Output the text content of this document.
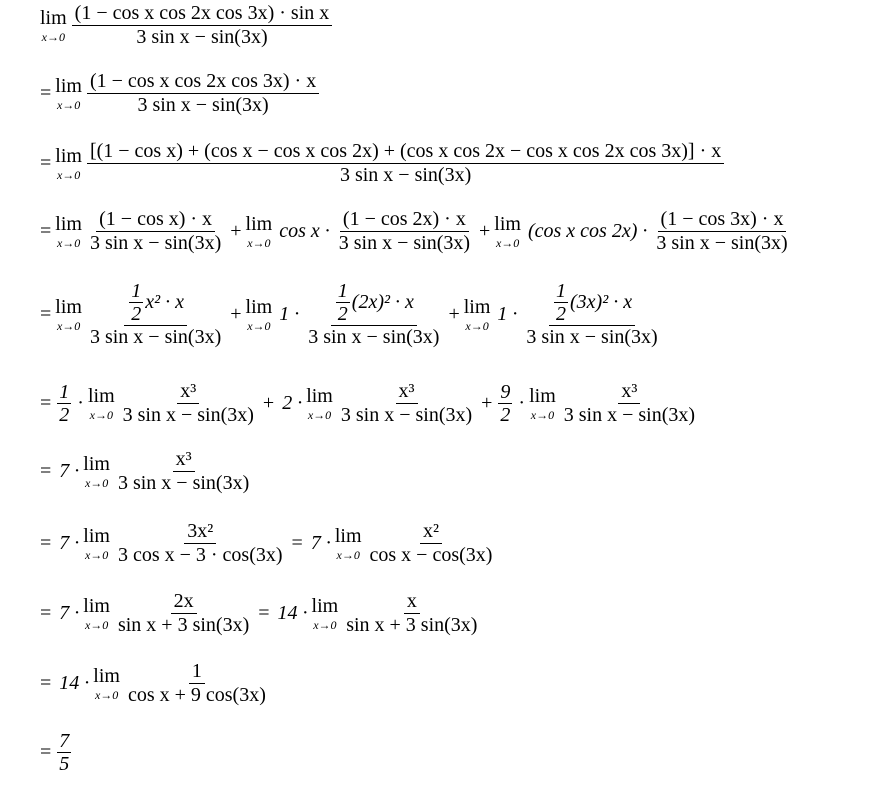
lim
$x\to 0 \frac{\text{(1 − cos x cos 2x cos 3x) · sin x}}{\text{3 sin x − sin(3x)}}$
= lim
$x\to 0 \frac{\text{(1 − cos x cos 2x cos 3x) · x}}{\text{3 sin x − sin(3x)}}$
= lim
x→0
[(1 − cos x) + (cos x − cos x cos 2x) + (cos x cos 2x − cos x cos 2x cos 3x)] · x
3 sin x − sin(3x)
= lim
$x\to 0 \frac{\text{(1 − cos x) · x}}{\text{3 sin x − sin(3x)}} + \lim$
x→0
$\cos x \cdot \frac{(1 - \cos 2x) \cdot x}{\text{3 sin x − sin(3x)}} + \lim$
x→0
(cos x $\cos 2x) \cdot \frac{(1 - \cos 3x) \cdot x}{\text{3 sin x − sin(3x)}}$
= lim
$x\to 0 \frac{\frac{1}{2} x^2 \cdot x}{\text{3 sin x − sin(3x)}} + \lim$
x→0
$1 \cdot \frac{\frac{1}{2} (2x)^2 \cdot x}{\text{3 sin x − sin(3x)}} + \lim$
x→0
$1 \cdot \frac{\frac{1}{2} (3x)^2 \cdot x}{\text{3 sin x − sin(3x)}}$
= $\frac{1}{2} \cdot \lim$
$x\to 0 \frac{\text{x³}}{\text{3 sin x − sin(3x)}} + 2 \cdot \lim$
$x\to 0 \frac{\text{x³}}{\text{3 sin x − sin(3x)}} + \frac{9}{2} \cdot \lim$
$x\to 0 \frac{\text{x³}}{\text{3 sin x − sin(3x)}}$
= 7 · lim
$x\to 0 \frac{\text{x³}}{\text{3 sin x − sin(3x)}}$
= 7 · lim
$x\to 0 \frac{\text{3x²}}{\text{3 cos x − 3 · cos(3x)}} = 7 \cdot \lim$
$x\to 0 \frac{\text{x²}}{\text{cos x − cos(3x)}}$
= 7 · lim
$x\to 0 \frac{2x}{\text{sin x + 3 sin(3x)}} = 14 \cdot \lim$
$x\to 0 \frac{x}{\text{sin x + 3 sin(3x)}}$
= 14 · lim
$x\to 0 \frac{1}{\text{cos x + 9 cos(3x)}}$
= $\frac{7}{5}$
